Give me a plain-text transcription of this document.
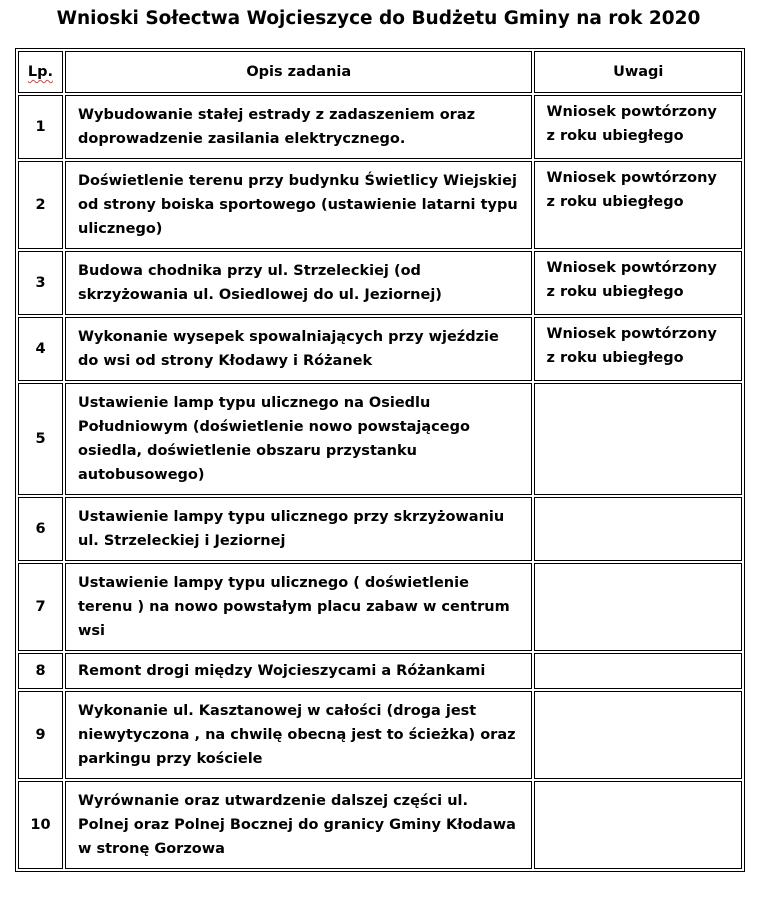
Wnioski Sołectwa Wojcieszyce do Budżetu Gminy na rok 2020
Lp.	Opis zadania	Uwagi
1	Wybudowanie stałej estrady z zadaszeniem oraz
doprowadzenie zasilania elektrycznego.	Wniosek powtórzony
z roku ubiegłego

2	Doświetlenie terenu przy budynku Świetlicy Wiejskiej
od strony boiska sportowego (ustawienie latarni typu
ulicznego)	Wniosek powtórzony
z roku ubiegłego

3	Budowa chodnika przy ul. Strzeleckiej (od
skrzyżowania ul. Osiedlowej do ul. Jeziornej)	Wniosek powtórzony
z roku ubiegłego

4	Wykonanie wysepek spowalniających przy wjeździe
do wsi od strony Kłodawy i Różanek	Wniosek powtórzony
z roku ubiegłego

5	Ustawienie lamp typu ulicznego na Osiedlu
Południowym (doświetlenie nowo powstającego
osiedla, doświetlenie obszaru przystanku
autobusowego)	

6	Ustawienie lampy typu ulicznego przy skrzyżowaniu
ul. Strzeleckiej i Jeziornej	

7	Ustawienie lampy typu ulicznego ( doświetlenie
terenu ) na nowo powstałym placu zabaw w centrum
wsi	

8	Remont drogi między Wojcieszycami a Różankami	

9	Wykonanie ul. Kasztanowej w całości (droga jest
niewytyczona , na chwilę obecną jest to ścieżka) oraz
parkingu przy kościele	

10	Wyrównanie oraz utwardzenie dalszej części ul.
Polnej oraz Polnej Bocznej do granicy Gminy Kłodawa
w stronę Gorzowa	
